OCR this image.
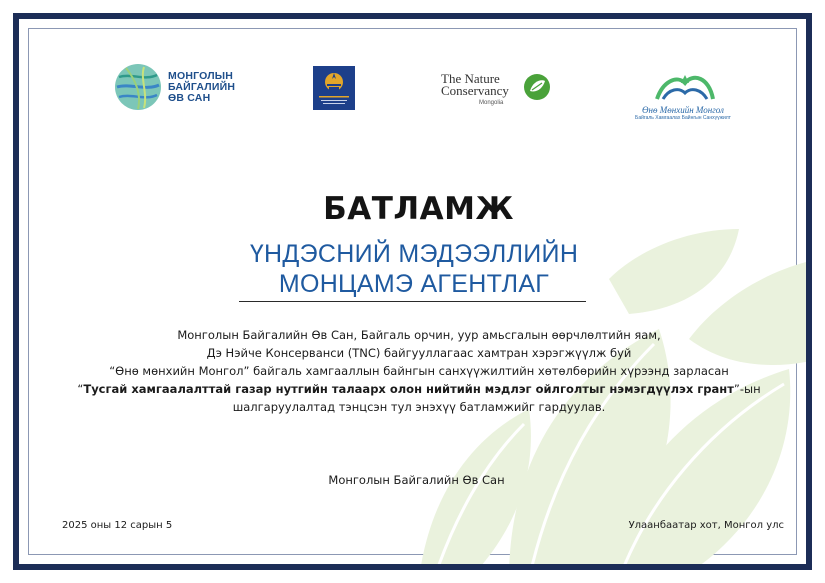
МОНГОЛЫН
БАЙГАЛИЙН
ӨВ САН
The Nature
Conservancy
Mongolia
Өнө Мөнхийн Монгол
Байгаль Хамгаалах Байнгын Санхүүжилт
БАТЛАМЖ
ҮНДЭСНИЙ МЭДЭЭЛЛИЙН
МОНЦАМЭ АГЕНТЛАГ

Монголын Байгалийн Өв Сан, Байгаль орчин, уур амьсгалын өөрчлөлтийн яам,

Дэ Нэйче Консерванси (TNC) байгууллагаас хамтран хэрэгжүүлж буй

“Өнө мөнхийн Монгол” байгаль хамгааллын байнгын санхүүжилтийн хөтөлбөрийн хүрээнд зарласан

“Тусгай хамгаалалттай газар нутгийн талаарх олон нийтийн мэдлэг ойлголтыг нэмэгдүүлэх грант”-ын

шалгаруулалтад тэнцсэн тул энэхүү батламжийг гардуулав.

Монголын Байгалийн Өв Сан
2025 оны 12 сарын 5	Улаанбаатар хот, Монгол улс
